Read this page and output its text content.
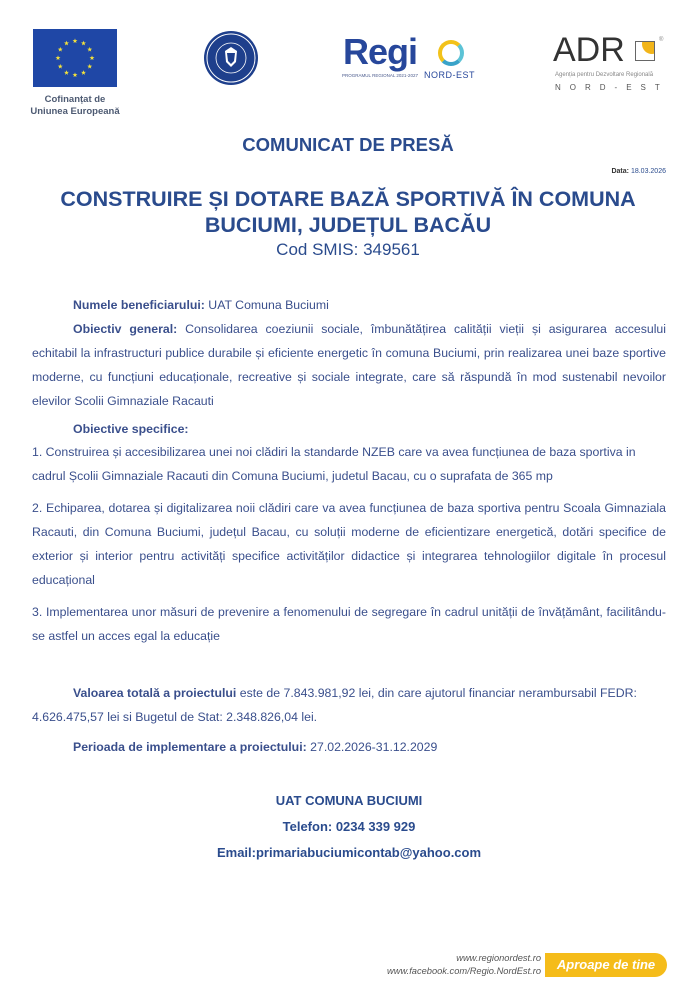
Cofinanțat de
Uniunea Europeană
Regi
PROGRAMUL REGIONAL 2021-2027 NORD-EST
ADR	®
Agenția pentru Dezvoltare Regională
NORD-EST
COMUNICAT DE PRESĂ
Data: 18.03.2026
CONSTRUIRE ȘI DOTARE BAZĂ SPORTIVĂ ÎN COMUNA
BUCIUMI, JUDEȚUL BACĂU
Cod SMIS: 349561

Numele beneficiarului: UAT Comuna Buciumi

Obiectiv general: Consolidarea coeziunii sociale, îmbunătățirea calității vieții și asigurarea accesului echitabil la infrastructuri publice durabile și eficiente energetic în comuna Buciumi, prin realizarea unei baze sportive moderne, cu funcțiuni educaționale, recreative și sociale integrate, care să răspundă în mod sustenabil nevoilor elevilor Scolii Gimnaziale Racauti

Obiective specifice:

1. Construirea și accesibilizarea unei noi clădiri la standarde NZEB care va avea funcțiunea de baza sportiva in cadrul Școlii Gimnaziale Racauti din Comuna Buciumi, judetul Bacau, cu o suprafata de 365 mp

2. Echiparea, dotarea și digitalizarea noii clădiri care va avea funcțiunea de baza sportiva pentru Scoala Gimnaziala Racauti, din Comuna Buciumi, județul Bacau, cu soluții moderne de eficientizare energetică, dotări specifice de exterior și interior pentru activități specifice activităților didactice și integrarea tehnologiilor digitale în procesul educațional

3. Implementarea unor măsuri de prevenire a fenomenului de segregare în cadrul unității de învățământ, facilitându-se astfel un acces egal la educație

Valoarea totală a proiectului este de 7.843.981,92 lei, din care ajutorul financiar nerambursabil FEDR: 4.626.475,57 lei si Bugetul de Stat: 2.348.826,04 lei.

Perioada de implementare a proiectului: 27.02.2026-31.12.2029

UAT COMUNA BUCIUMI
Telefon: 0234 339 929
Email:primariabuciumicontab@yahoo.com
www.regionordest.ro
www.facebook.com/Regio.NordEst.ro	Aproape de tine
